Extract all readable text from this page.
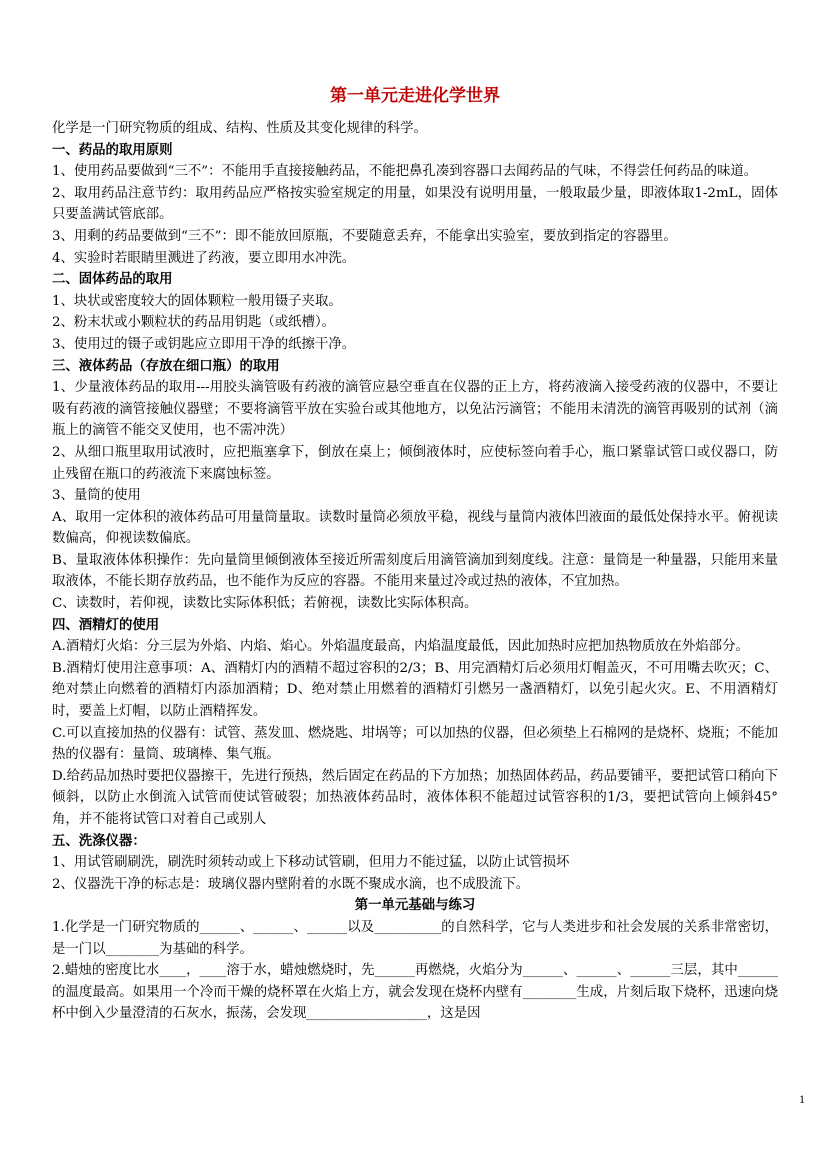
第一单元走进化学世界

化学是一门研究物质的组成、结构、性质及其变化规律的科学。

一、药品的取用原则

1、使用药品要做到“三不”：不能用手直接接触药品，不能把鼻孔凑到容器口去闻药品的气味，不得尝任何药品的味道。

2、取用药品注意节约：取用药品应严格按实验室规定的用量，如果没有说明用量，一般取最少量，即液体取1-2mL，固体只要盖满试管底部。

3、用剩的药品要做到“三不”：即不能放回原瓶，不要随意丢弃，不能拿出实验室，要放到指定的容器里。

4、实验时若眼睛里溅进了药液，要立即用水冲洗。

二、固体药品的取用

1、块状或密度较大的固体颗粒一般用镊子夹取。

2、粉末状或小颗粒状的药品用钥匙（或纸槽）。

3、使用过的镊子或钥匙应立即用干净的纸擦干净。

三、液体药品（存放在细口瓶）的取用

1、少量液体药品的取用---用胶头滴管吸有药液的滴管应悬空垂直在仪器的正上方，将药液滴入接受药液的仪器中，不要让吸有药液的滴管接触仪器壁；不要将滴管平放在实验台或其他地方，以免沾污滴管；不能用未清洗的滴管再吸别的试剂（滴瓶上的滴管不能交叉使用，也不需冲洗）

2、从细口瓶里取用试液时，应把瓶塞拿下，倒放在桌上；倾倒液体时，应使标签向着手心，瓶口紧靠试管口或仪器口，防止残留在瓶口的药液流下来腐蚀标签。

3、量筒的使用

A、取用一定体积的液体药品可用量筒量取。读数时量筒必须放平稳，视线与量筒内液体凹液面的最低处保持水平。俯视读数偏高，仰视读数偏底。

B、量取液体体积操作：先向量筒里倾倒液体至接近所需刻度后用滴管滴加到刻度线。注意：量筒是一种量器，只能用来量取液体，不能长期存放药品，也不能作为反应的容器。不能用来量过冷或过热的液体，不宜加热。

C、读数时，若仰视，读数比实际体积低；若俯视，读数比实际体积高。

四、酒精灯的使用

A.酒精灯火焰：分三层为外焰、内焰、焰心。外焰温度最高，内焰温度最低，因此加热时应把加热物质放在外焰部分。

B.酒精灯使用注意事项：A、酒精灯内的酒精不超过容积的2/3；B、用完酒精灯后必须用灯帽盖灭，不可用嘴去吹灭；C、绝对禁止向燃着的酒精灯内添加酒精；D、绝对禁止用燃着的酒精灯引燃另一盏酒精灯，以免引起火灾。E、不用酒精灯时，要盖上灯帽，以防止酒精挥发。

C.可以直接加热的仪器有：试管、蒸发皿、燃烧匙、坩埚等；可以加热的仪器，但必须垫上石棉网的是烧杯、烧瓶；不能加热的仪器有：量筒、玻璃棒、集气瓶。

D.给药品加热时要把仪器擦干，先进行预热，然后固定在药品的下方加热；加热固体药品，药品要铺平，要把试管口稍向下倾斜，以防止水倒流入试管而使试管破裂；加热液体药品时，液体体积不能超过试管容积的1/3，要把试管向上倾斜45°角，并不能将试管口对着自己或别人

五、洗涤仪器：

1、用试管刷刷洗，刷洗时须转动或上下移动试管刷，但用力不能过猛，以防止试管损坏

2、仪器洗干净的标志是：玻璃仪器内壁附着的水既不聚成水滴，也不成股流下。

第一单元基础与练习

1.化学是一门研究物质的______、______、______以及__________的自然科学，它与人类进步和社会发展的关系非常密切，是一门以________为基础的科学。

2.蜡烛的密度比水____，____溶于水，蜡烛燃烧时，先______再燃烧，火焰分为______、______、______三层，其中______的温度最高。如果用一个冷而干燥的烧杯罩在火焰上方，就会发现在烧杯内壁有________生成，片刻后取下烧杯，迅速向烧杯中倒入少量澄清的石灰水，振荡，会发现__________________，这是因

1
